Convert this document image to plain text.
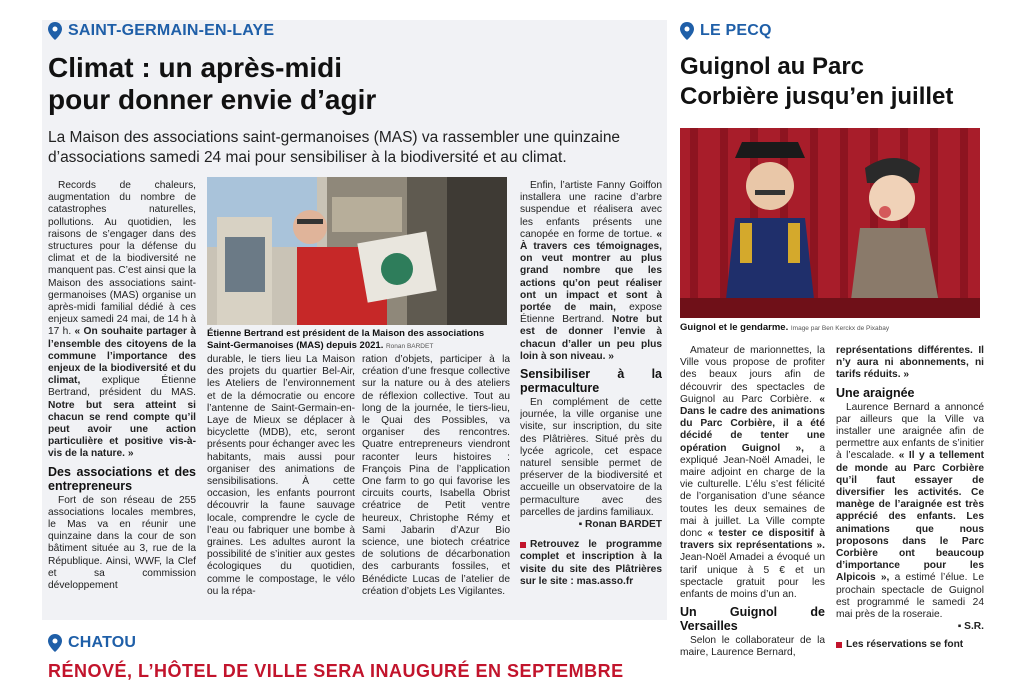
SAINT-GERMAIN-EN-LAYE
Climat : un après-midi
pour donner envie d’agir
La Maison des associations saint-germanoises (MAS) va rassembler une quinzaine d’associations samedi 24 mai pour sensibiliser à la biodiversité et au climat.

Records de chaleurs, augmentation du nombre de catastrophes naturelles, pollutions. Au quotidien, les raisons de s’engager dans des structures pour la défense du climat et de la biodiversité ne manquent pas. C’est ainsi que la Maison des associations saint-germanoises (MAS) organise un après-midi familial dédié à ces enjeux samedi 24 mai, de 14 h à 17 h. « On souhaite partager à l’ensemble des citoyens de la commune l’importance des enjeux de la biodiversité et du climat, explique Étienne Bertrand, président du MAS. Notre but sera atteint si chacun se rend compte qu’il peut avoir une action particulière et positive vis-à-vis de la nature. »

Des associations et des entrepreneurs

Fort de son réseau de 255 associations locales membres, le Mas va en réunir une quinzaine dans la cour de son bâtiment située au 3, rue de la République. Ainsi, WWF, la Clef et sa commission développement

Étienne Bertrand est président de la Maison des associations Saint-Germanoises (MAS) depuis 2021. Ronan BARDET
durable, le tiers lieu La Maison des projets du quartier Bel-Air, les Ateliers de l’environnement et de la démocratie ou encore l’antenne de Saint-Germain-en-Laye de Mieux se déplacer à bicyclette (MDB), etc, seront présents pour échanger avec les habitants, mais aussi pour organiser des animations de sensibilisations. À cette occasion, les enfants pourront découvrir la faune sauvage locale, comprendre le cycle de l’eau ou fabriquer une bombe à graines. Les adultes auront la possibilité de s’initier aux gestes écologiques du quotidien, comme le compostage, le vélo ou la répa-
ration d’objets, participer à la création d’une fresque collective sur la nature ou à des ateliers de réflexion collective. Tout au long de la journée, le tiers-lieu, le Quai des Possibles, va organiser des rencontres. Quatre entrepreneurs viendront raconter leurs histoires : François Pina de l’application One farm to go qui favorise les circuits courts, Isabella Obrist créatrice de Petit ventre heureux, Christophe Rémy et Sami Jabarin d’Azur Bio science, une biotech créatrice de solutions de décarbonation des carburants fossiles, et Bénédicte Lucas de l’atelier de création d’objets Les Vigilantes.

Enfin, l’artiste Fanny Goiffon installera une racine d’arbre suspendue et réalisera avec les enfants présents une canopée en forme de tortue. « À travers ces témoignages, on veut montrer au plus grand nombre que les actions qu’on peut réaliser ont un impact et sont à portée de main, expose Étienne Bertrand. Notre but est de donner l’envie à chacun d’aller un peu plus loin à son niveau. »

Sensibiliser à la permaculture

En complément de cette journée, la ville organise une visite, sur inscription, du site des Plâtrières. Situé près du lycée agricole, cet espace naturel sensible permet de préserver de la biodiversité et accueille un observatoire de la permaculture avec des parcelles de jardins familiaux.

▪ Ronan BARDET
Retrouvez le programme complet et inscription à la visite du site des Plâtrières sur le site : mas.asso.fr
LE PECQ
Guignol au Parc
Corbière jusqu’en juillet
Guignol et le gendarme. Image par Ben Kerckx de Pixabay

Amateur de marionnettes, la Ville vous propose de profiter des beaux jours afin de découvrir des spectacles de Guignol au Parc Corbière. « Dans le cadre des animations du Parc Corbière, il a été décidé de tenter une opération Guignol », a expliqué Jean-Noël Amadei, le maire adjoint en charge de la vie culturelle. L’élu s’est félicité de l’organisation d’une séance toutes les deux semaines de mai à juillet. La Ville compte donc « tester ce dispositif à travers six représentations ». Jean-Noël Amadei a évoqué un tarif unique à 5 € et un spectacle gratuit pour les enfants de moins d’un an.

Un Guignol de Versailles

Selon le collaborateur de la maire, Laurence Bernard,

représentations différentes. Il n’y aura ni abonnements, ni tarifs réduits. »

Une araignée

Laurence Bernard a annoncé par ailleurs que la Ville va installer une araignée afin de permettre aux enfants de s’initier à l’escalade. « Il y a tellement de monde au Parc Corbière qu’il faut essayer de diversifier les activités. Ce manège de l’araignée est très apprécié des enfants. Les animations que nous proposons dans le Parc Corbière ont beaucoup d’importance pour les Alpicois », a estimé l’élue. Le prochain spectacle de Guignol est programmé le samedi 24 mai près de la roseraie.

▪ S.R.
Les réservations se font
CHATOU
RÉNOVÉ, L’HÔTEL DE VILLE SERA INAUGURÉ EN SEPTEMBRE
